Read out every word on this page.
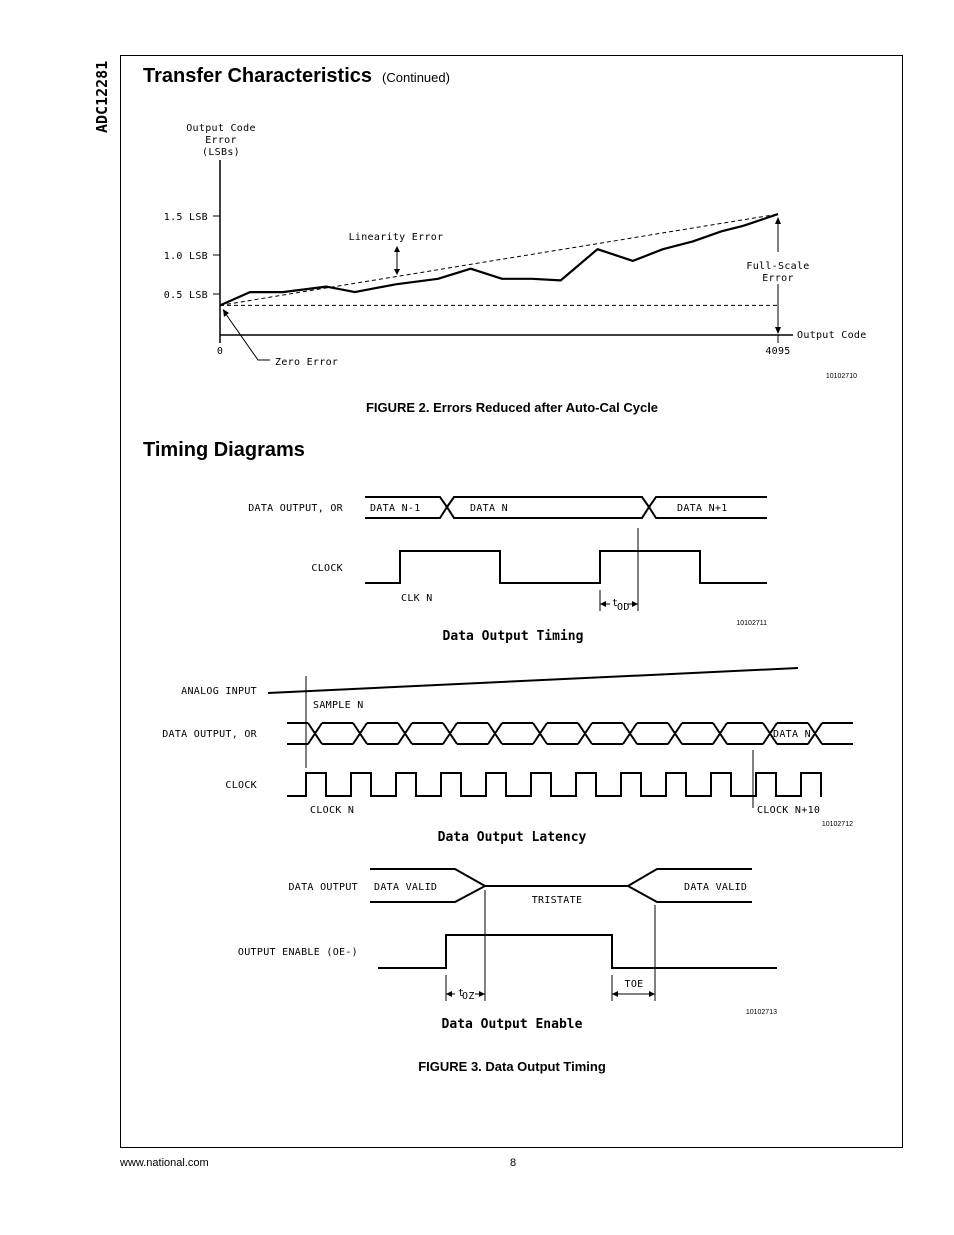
ADC12281 Transfer Characteristics (Continued)
Output Code
Error
(LSBs)
1.5 LSB
1.0 LSB
0.5 LSB
0	4095
Output Code
Linearity Error
Full-Scale
Error
Zero Error
10102710
FIGURE 2. Errors Reduced after Auto-Cal Cycle
Timing Diagrams
t
OD
DATA OUTPUT, OR
CLOCK
DATA N-1	DATA N	DATA N+1
CLK N
10102711
Data Output Timing
ANALOG INPUT
DATA OUTPUT, OR
CLOCK
SAMPLE N
DATA N
CLOCK N	CLOCK N+10
10102712
Data Output Latency
t
OZ
TOE
DATA OUTPUT
OUTPUT ENABLE (OE-)
DATA VALID
TRISTATE
DATA VALID
10102713
Data Output Enable
FIGURE 3. Data Output Timing
www.national.com	8
